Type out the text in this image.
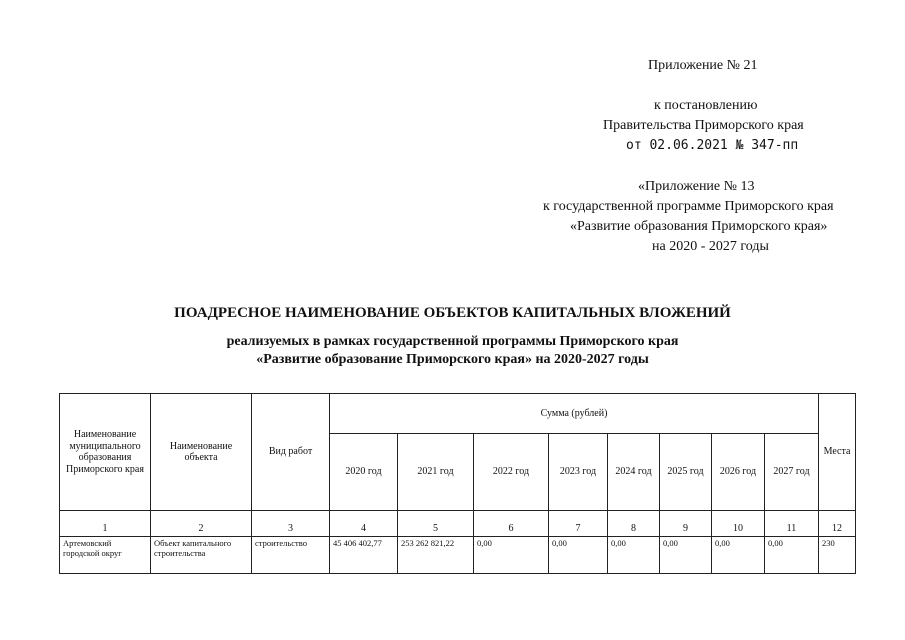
Приложение № 21
к постановлению
Правительства Приморского края
от 02.06.2021 № 347-пп
«Приложение № 13
к государственной программе Приморского края
«Развитие образования Приморского края»
на 2020 - 2027 годы
ПОАДРЕСНОЕ НАИМЕНОВАНИЕ ОБЪЕКТОВ КАПИТАЛЬНЫХ ВЛОЖЕНИЙ
реализуемых в рамках государственной программы Приморского края
«Развитие образование Приморского края» на 2020-2027 годы
Наименование муниципального образования Приморского края	Наименование объекта	Вид работ	Сумма (рублей)								Места
			2020 год	2021 год	2022 год	2023 год	2024 год	2025 год	2026 год	2027 год	
1	2	3	4	5	6	7	8	9	10	11	12
Артемовский городской округ	Объект капитального строительства	строительство	45 406 402,77	253 262 821,22	0,00	0,00	0,00	0,00	0,00	0,00	230
